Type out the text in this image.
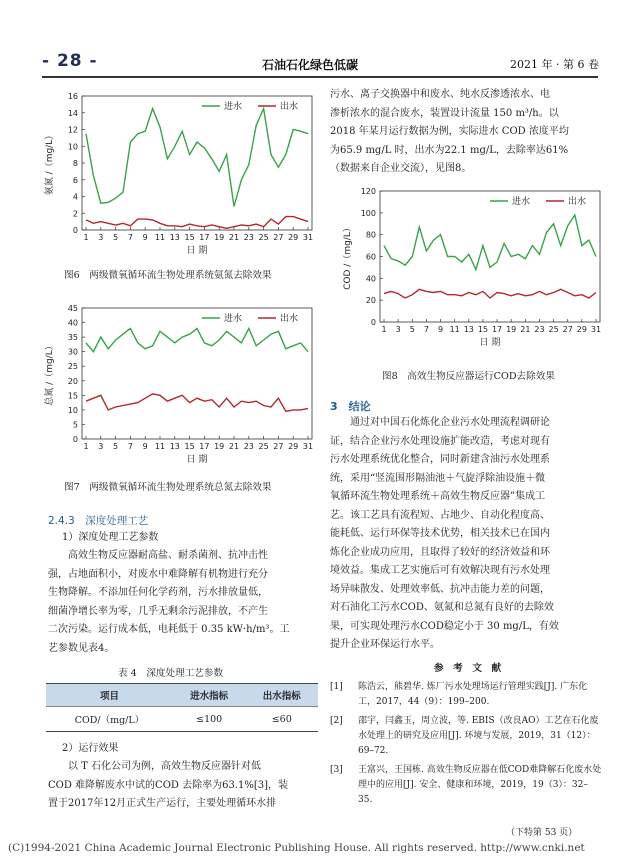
- 28 -	石油石化绿色低碳	2021 年 · 第 6 卷
0
2
4
6
8
10
12
14
16
1 3 5 7 9 11 13 15 17 19 21 23 25 27 29 31
日 期
氨氮 /（mg/L）
进水	出水
图6　两级微氧循环流生物处理系统氨氮去除效果
0
5
10
15
20
25
30
35
40
45
1 3 5 7 9 11 13 15 17 19 21 23 25 27 29 31
日 期
总氮 /（mg/L）
进水	出水
图7　两级微氧循环流生物处理系统总氮去除效果
2.4.3　深度处理工艺
1）深度处理工艺参数

高效生物反应器耐高盐、耐杀菌剂、抗冲击性

强，占地面积小，对废水中难降解有机物进行充分

生物降解。不添加任何化学药剂，污水排放量低，

细菌净增长率为零，几乎无剩余污泥排放，不产生

二次污染。运行成本低，电耗低于 0.35 kW·h/m³。工

艺参数见表4。

表 4　深度处理工艺参数
项目	进水指标	出水指标
COD/（mg/L）	≤100	≤60
2）运行效果

以 T 石化公司为例，高效生物反应器针对低

COD 难降解废水中试的COD 去除率为63.1%[3]，装

置于2017年12月正式生产运行，主要处理循环水排

污水、离子交换器中和废水、纯水反渗透浓水、电

渗析浓水的混合废水，装置设计流量 150 m³/h。以

2018 年某月运行数据为例，实际进水 COD 浓度平均

为65.9 mg/L 时，出水为22.1 mg/L，去除率达61%

（数据来自企业交流），见图8。

0
20
40
60
80
100
120
1 3 5 7 9 11 13 15 17 19 21 23 25 27 29 31
日 期
COD /（mg/L）
进水	出水
图8　高效生物反应器运行COD去除效果
3　结论

通过对中国石化炼化企业污水处理流程调研论

证，结合企业污水处理设施扩能改造，考虑对现有

污水处理系统优化整合，同时新建含油污水处理系

统，采用“竖流围形隔油池＋气旋浮除油设施＋微

氧循环流生物处理系统＋高效生物反应器”集成工

艺。该工艺具有流程短、占地少、自动化程度高、

能耗低、运行环保等技术优势，相关技术已在国内

炼化企业成功应用，且取得了较好的经济效益和环

境效益。集成工艺实施后可有效解决现有污水处理

场异味散发、处理效率低、抗冲击能力差的问题，

对石油化工污水COD、氨氮和总氮有良好的去除效

果，可实现处理污水COD稳定小于 30 mg/L，有效

提升企业环保运行水平。

参　考　文　献
[1] 陈浩云，熊碧华. 炼厂污水处理场运行管理实践[J]. 广东化工，2017，44（9）：199–200.
[2] 邵宇，闫鑫玉，周立波，等. EBIS（改良AO）工艺在石化废水处理上的研究及应用[J]. 环境与发展，2019，31（12）：69–72.
[3] 王富兴，王国栋. 高效生物反应器在低COD难降解石化废水处理中的应用[J]. 安全、健康和环境，2019，19（3）：32–35.
（下特第 53 页）
(C)1994-2021 China Academic Journal Electronic Publishing House. All rights reserved. http://www.cnki.net
